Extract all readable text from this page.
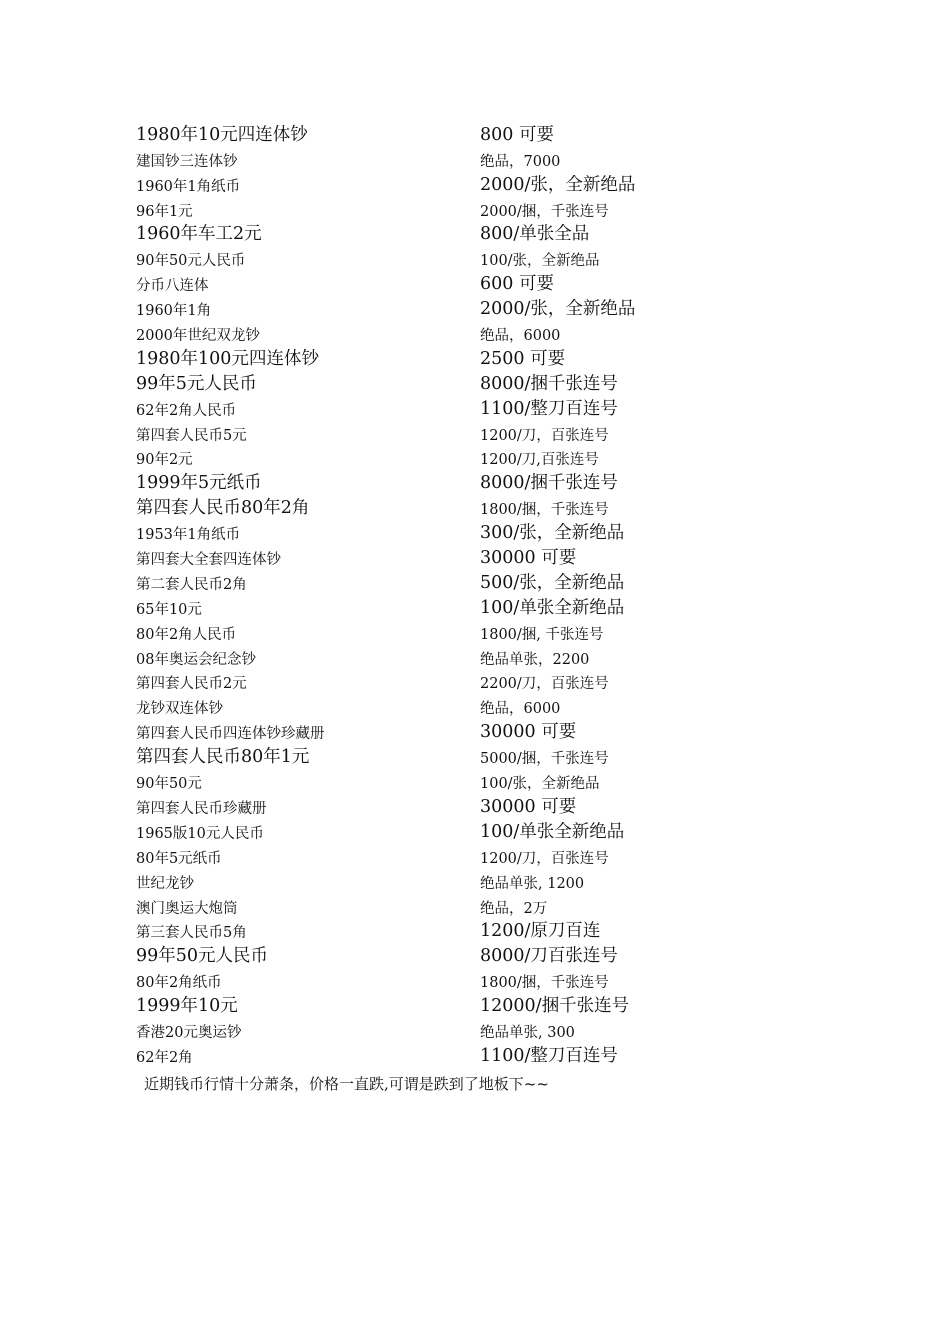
1980年10元四连体钞	800 可要
建国钞三连体钞	绝品，7000
1960年1角纸币	2000/张，全新绝品
96年1元	2000/捆，千张连号
1960年车工2元	800/单张全品
90年50元人民币	100/张，全新绝品
分币八连体	600 可要
1960年1角	2000/张，全新绝品
2000年世纪双龙钞	绝品，6000
1980年100元四连体钞	2500 可要
99年5元人民币	8000/捆千张连号
62年2角人民币	1100/整刀百连号
第四套人民币5元	1200/刀，百张连号
90年2元	1200/刀,百张连号
1999年5元纸币	8000/捆千张连号
第四套人民币80年2角	1800/捆，千张连号
1953年1角纸币	300/张，全新绝品
第四套大全套四连体钞	30000 可要
第二套人民币2角	500/张，全新绝品
65年10元	100/单张全新绝品
80年2角人民币	1800/捆, 千张连号
08年奥运会纪念钞	绝品单张，2200
第四套人民币2元	2200/刀，百张连号
龙钞双连体钞	绝品，6000
第四套人民币四连体钞珍藏册	30000 可要
第四套人民币80年1元	5000/捆，千张连号
90年50元	100/张，全新绝品
第四套人民币珍藏册	30000 可要
1965版10元人民币	100/单张全新绝品
80年5元纸币	1200/刀，百张连号
世纪龙钞	绝品单张, 1200
澳门奥运大炮筒	绝品，2万
第三套人民币5角	1200/原刀百连
99年50元人民币	8000/刀百张连号
80年2角纸币	1800/捆，千张连号
1999年10元	12000/捆千张连号
香港20元奥运钞	绝品单张, 300
62年2角	1100/整刀百连号
近期钱币行情十分萧条，价格一直跌,可谓是跌到了地板下~~
